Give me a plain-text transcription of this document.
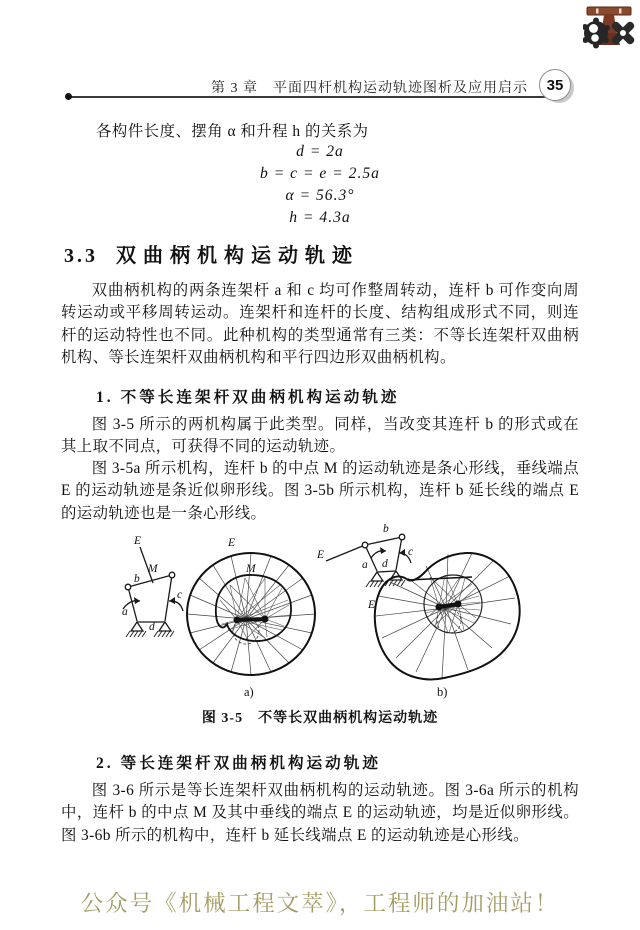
第 3 章　平面四杆机构运动轨迹图析及应用启示	35
各构件长度、摆角 α 和升程 h 的关系为
d = 2a
b = c = e = 2.5a
α = 56.3°
h = 4.3a
3.3 双曲柄机构运动轨迹
双曲柄机构的两条连架杆 a 和 c 均可作整周转动，连杆 b 可作变向周转运动或平移周转运动。连架杆和连杆的长度、结构组成形式不同，则连杆的运动特性也不同。此种机构的类型通常有三类：不等长连架杆双曲柄机构、等长连架杆双曲柄机构和平行四边形双曲柄机构。
1. 不等长连架杆双曲柄机构运动轨迹
图 3-5 所示的两机构属于此类型。同样，当改变其连杆 b 的形式或在其上取不同点，可获得不同的运动轨迹。
图 3-5a 所示机构，连杆 b 的中点 M 的运动轨迹是条心形线，垂线端点 E 的运动轨迹是条近似卵形线。图 3-5b 所示机构，连杆 b 延长线的端点 E 的运动轨迹也是一条心形线。
E
M
b
c
a
d
E
M
a)
E
b
c
a d
E
b)
图 3-5　不等长双曲柄机构运动轨迹
2. 等长连架杆双曲柄机构运动轨迹
图 3-6 所示是等长连架杆双曲柄机构的运动轨迹。图 3-6a 所示的机构中，连杆 b 的中点 M 及其中垂线的端点 E 的运动轨迹，均是近似卵形线。图 3-6b 所示的机构中，连杆 b 延长线端点 E 的运动轨迹是心形线。
公众号《机械工程文萃》，工程师的加油站！
